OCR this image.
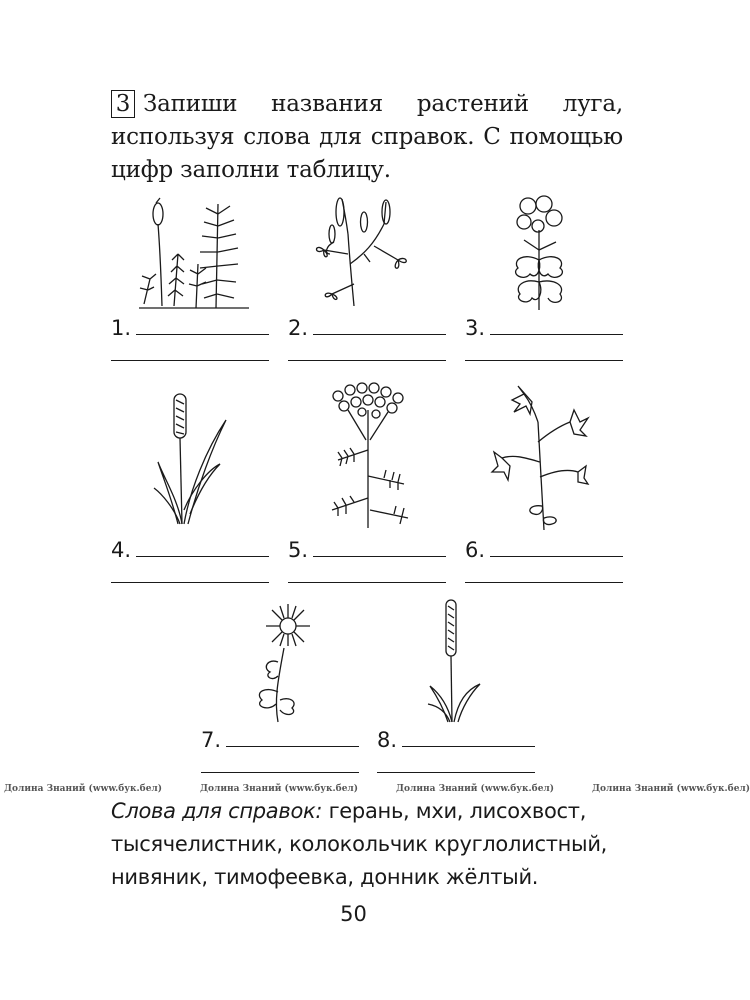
3 Запиши названия растений луга, используя слова для справок. С помощью цифр заполни таблицу.
1.	2.	3.
4.	5.	6.
7.	8.
Долина Знаний (www.бук.бел)	Долина Знаний (www.бук.бел)	Долина Знаний (www.бук.бел)	Долина Знаний (www.бук.бел)
Слова для справок: герань, мхи, лисохвост, тысячелистник, колокольчик круглолистный, нивяник, тимофеевка, донник жёлтый.
50
